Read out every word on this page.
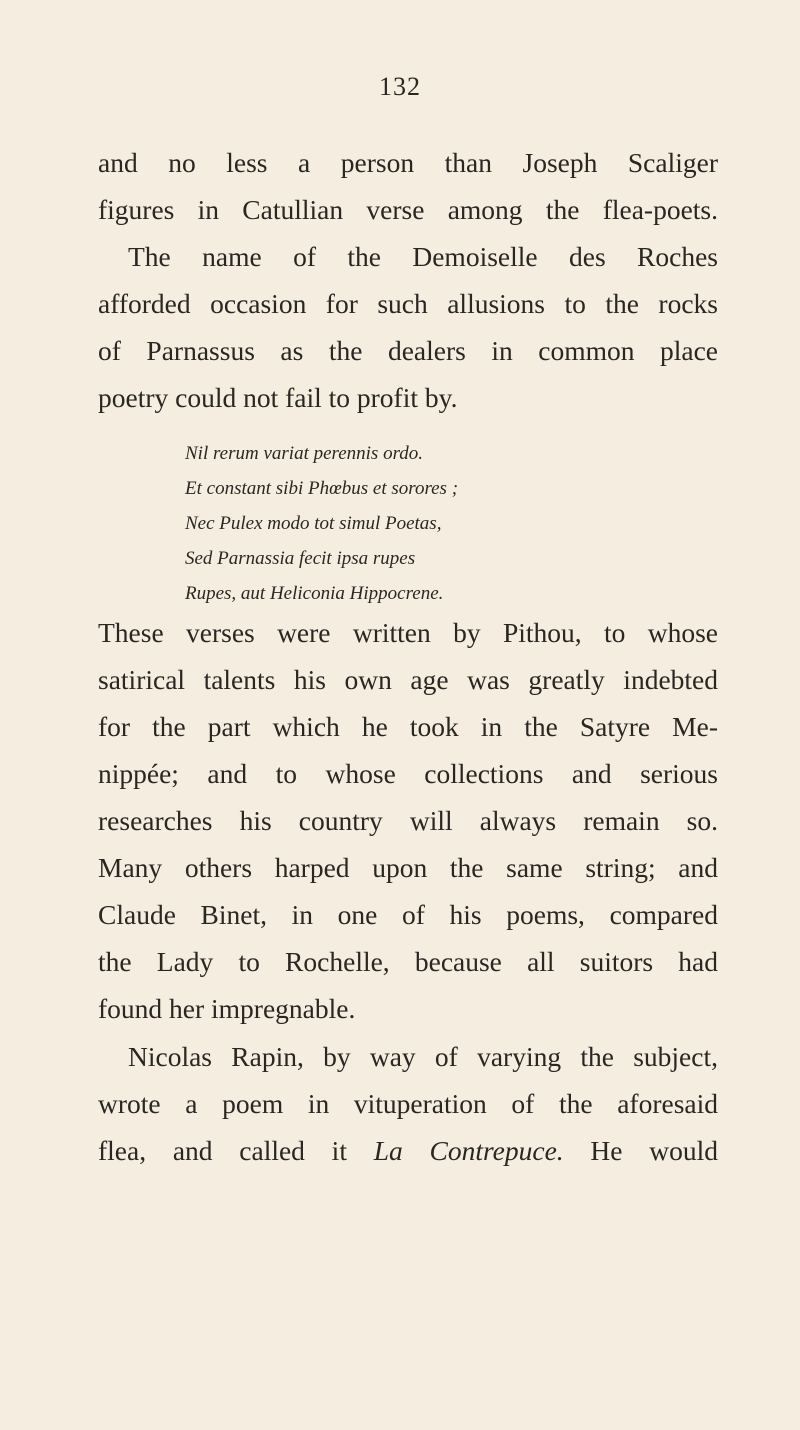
132
and no less a person than Joseph Scaliger
figures in Catullian verse among the flea-poets.
The name of the Demoiselle des Roches
afforded occasion for such allusions to the rocks
of Parnassus as the dealers in common place
poetry could not fail to profit by.
Nil rerum variat perennis ordo.
Et constant sibi Phœbus et sorores ;
Nec Pulex modo tot simul Poetas,
Sed Parnassia fecit ipsa rupes
Rupes, aut Heliconia Hippocrene.
These verses were written by Pithou, to whose
satirical talents his own age was greatly indebted
for the part which he took in the Satyre Me-
nippée; and to whose collections and serious
researches his country will always remain so.
Many others harped upon the same string; and
Claude Binet, in one of his poems, compared
the Lady to Rochelle, because all suitors had
found her impregnable.
Nicolas Rapin, by way of varying the subject,
wrote a poem in vituperation of the aforesaid
flea, and called it La Contrepuce. He would
